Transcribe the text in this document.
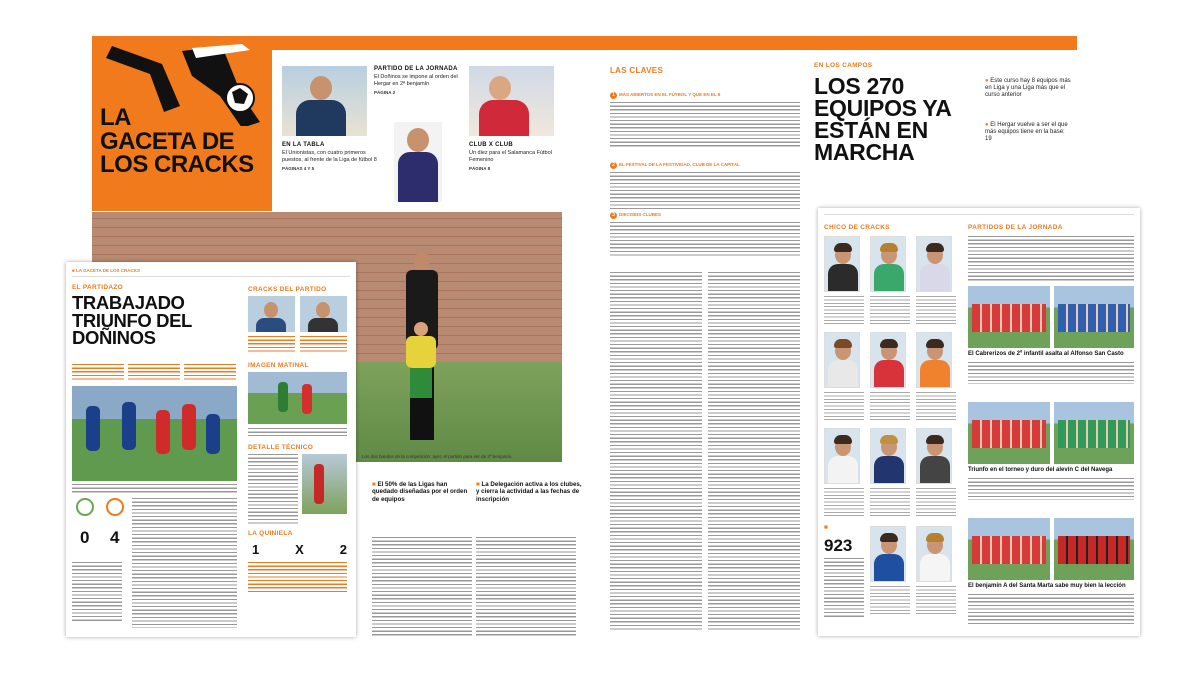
LA
GACETA DE
LOS CRACKS
PARTIDO DE LA JORNADA
El Doñinos se impone al orden del Hergar en 2ª benjamín
PÁGINA 2
EN LA TABLA
El Unionistas, con cuatro primeros puestos, al frente de la Liga de fútbol 8
PÁGINAS 4 Y 5
CLUB X CLUB
Un diez para el Salamanca Fútbol Femenino
PÁGINA 8
Los dos bandos de la competición: ayer, el partido para ser de 2ª benjamín.
■ LA GACETA DE LOS CRACKS
EL PARTIDAZO
TRABAJADO
TRIUNFO DEL
DOÑINOS
0 4
CRACKS DEL PARTIDO
IMAGEN MATINAL
DETALLE TÉCNICO
LA QUINIELA
1	X	2
LAS CLAVES
1 MÁS ABIERTOS EN EL FÚTBOL Y QUE EN EL 8
2 EL FESTIVAL DE LA FESTIVIDAD, CLUB DE LA CAPITAL
3 DIECISEIS CLUBES
■ El 50% de las Ligas han quedado diseñadas por el orden de equipos
■ La Delegación activa a los clubes, y cierra la actividad a las fechas de inscripción
EN LOS CAMPOS
LOS 270
EQUIPOS YA
ESTÁN EN
MARCHA
● Este curso hay 8 equipos más en Liga y una Liga más que el curso anterior
● El Hergar vuelve a ser el que más equipos tiene en la base: 19
CHICO DE CRACKS
■
923
PARTIDOS DE LA JORNADA
El Cabrerizos de 2º infantil asalta al Alfonso San Casto
Triunfo en el torneo y duro del alevín C del Navega
El benjamín A del Santa Marta sabe muy bien la lección
